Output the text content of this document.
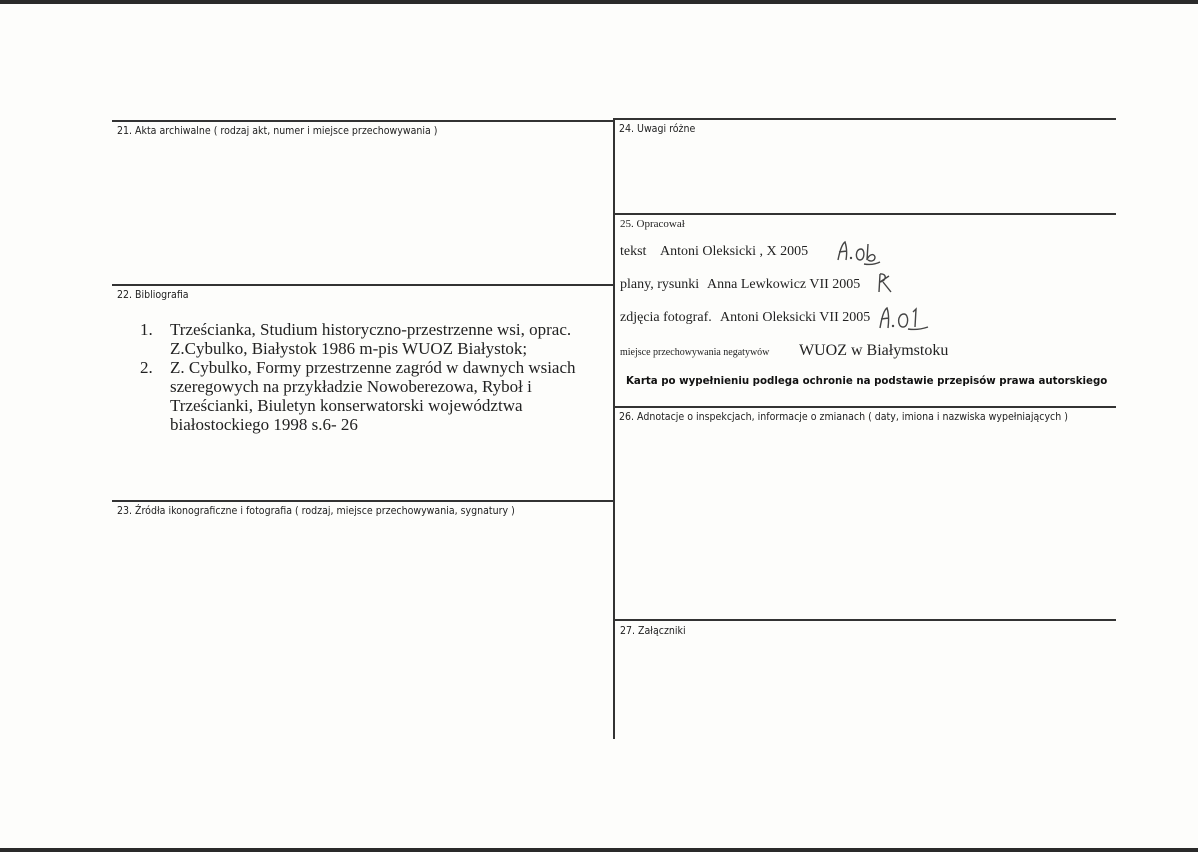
21. Akta archiwalne ( rodzaj akt, numer i miejsce przechowywania )
22. Bibliografia
23. Źródła ikonograficzne i fotografia ( rodzaj, miejsce przechowywania, sygnatury )
1. Trześcianka, Studium historyczno-przestrzenne wsi, oprac. Z.Cybulko, Białystok 1986 m-pis WUOZ Białystok;
2. Z. Cybulko, Formy przestrzenne zagród w dawnych wsiach szeregowych na przykładzie Nowoberezowa, Ryboł i Trześcianki, Biuletyn konserwatorski województwa białostockiego 1998 s.6- 26
24. Uwagi różne
25. Opracował
tekst Antoni Oleksicki , X 2005
plany, rysunki Anna Lewkowicz VII 2005
zdjęcia fotograf. Antoni Oleksicki VII 2005
miejsce przechowywania negatywów WUOZ w Białymstoku
Karta po wypełnieniu podlega ochronie na podstawie przepisów prawa autorskiego
26. Adnotacje o inspekcjach, informacje o zmianach ( daty, imiona i nazwiska wypełniających )
27. Załączniki
